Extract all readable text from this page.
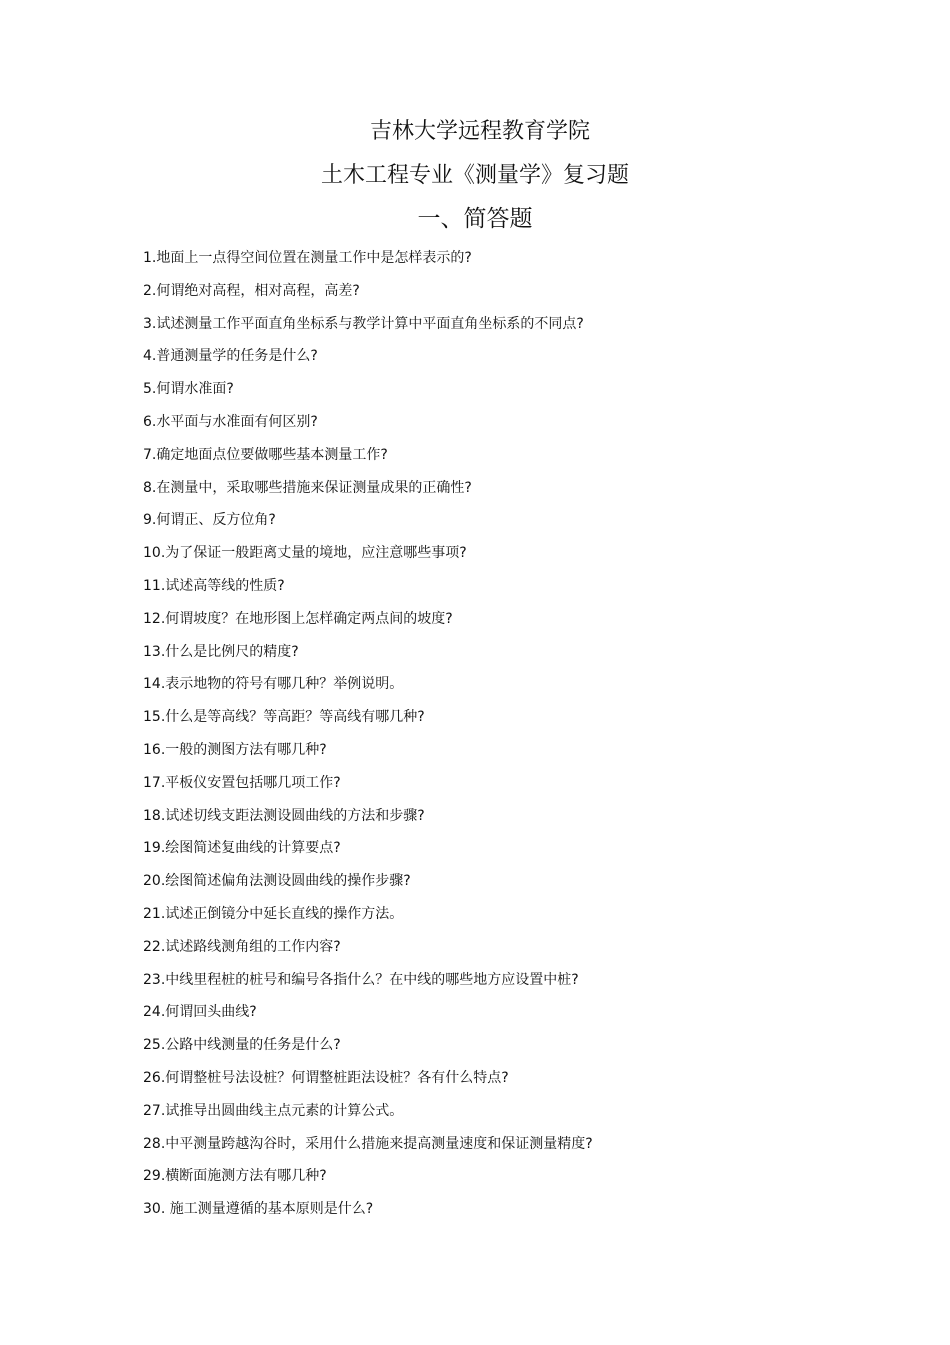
吉林大学远程教育学院
土木工程专业《测量学》复习题
一、简答题
1.地面上一点得空间位置在测量工作中是怎样表示的?
2.何谓绝对高程，相对高程，高差?
3.试述测量工作平面直角坐标系与教学计算中平面直角坐标系的不同点?
4.普通测量学的任务是什么?
5.何谓水准面?
6.水平面与水准面有何区别?
7.确定地面点位要做哪些基本测量工作?
8.在测量中，采取哪些措施来保证测量成果的正确性?
9.何谓正、反方位角?
10.为了保证一般距离丈量的境地，应注意哪些事项?
11.试述高等线的性质?
12.何谓坡度？在地形图上怎样确定两点间的坡度?
13.什么是比例尺的精度?
14.表示地物的符号有哪几种？举例说明。
15.什么是等高线？等高距？等高线有哪几种?
16.一般的测图方法有哪几种?
17.平板仪安置包括哪几项工作?
18.试述切线支距法测设圆曲线的方法和步骤?
19.绘图简述复曲线的计算要点?
20.绘图简述偏角法测设圆曲线的操作步骤?
21.试述正倒镜分中延长直线的操作方法。
22.试述路线测角组的工作内容?
23.中线里程桩的桩号和编号各指什么？在中线的哪些地方应设置中桩?
24.何谓回头曲线?
25.公路中线测量的任务是什么?
26.何谓整桩号法设桩？何谓整桩距法设桩？各有什么特点?
27.试推导出圆曲线主点元素的计算公式。
28.中平测量跨越沟谷时，采用什么措施来提高测量速度和保证测量精度?
29.横断面施测方法有哪几种?
30. 施工测量遵循的基本原则是什么?
